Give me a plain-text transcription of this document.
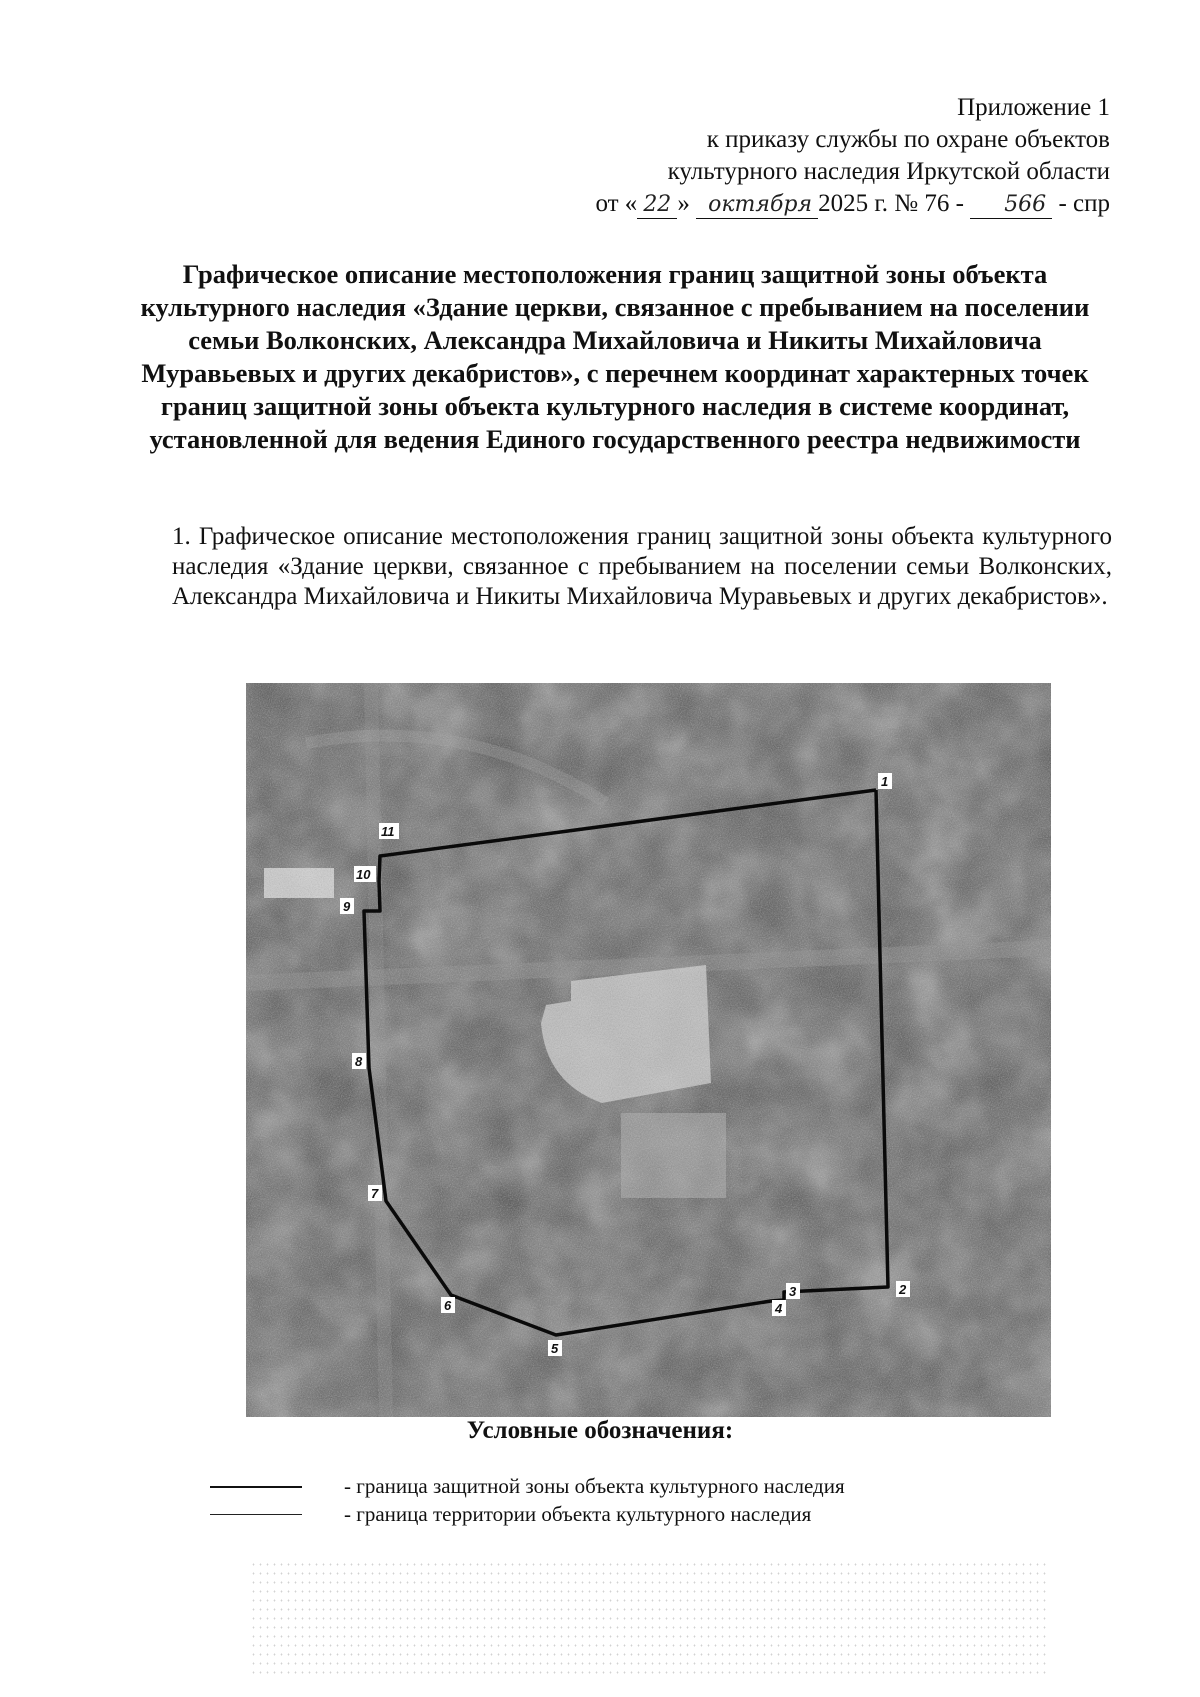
Приложение 1
к приказу службы по охране объектов
культурного наследия Иркутской области
от « 22 » октября 2025 г. № 76 - 566 - спр
Графическое описание местоположения границ защитной зоны объекта культурного наследия «Здание церкви, связанное с пребыванием на поселении семьи Волконских, Александра Михайловича и Никиты Михайловича Муравьевых и других декабристов», с перечнем координат характерных точек границ защитной зоны объекта культурного наследия в системе координат, установленной для ведения Единого государственного реестра недвижимости
1. Графическое описание местоположения границ защитной зоны объекта культурного наследия «Здание церкви, связанное с пребыванием на поселении семьи Волконских, Александра Михайловича и Никиты Михайловича Муравьевых и других декабристов».
1
2
3
4
5
6
7
8
9
10
11
Условные обозначения:
- граница защитной зоны объекта культурного наследия
- граница территории объекта культурного наследия
